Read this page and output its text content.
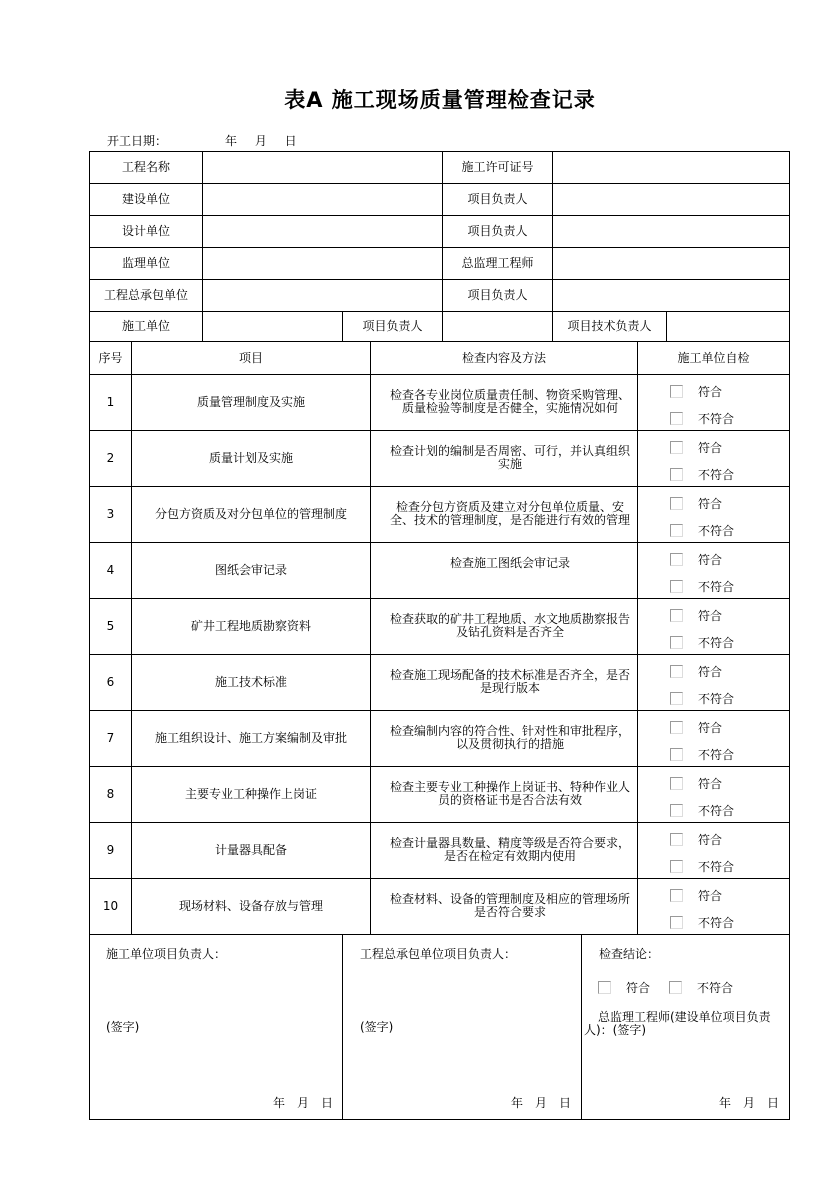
表A 施工现场质量管理检查记录
开工日期：	年 月 日
工程名称	施工许可证号
建设单位	项目负责人
设计单位	项目负责人
监理单位	总监理工程师
工程总承包单位	项目负责人
施工单位	项目负责人	项目技术负责人
序号	项目	检查内容及方法	施工单位自检
1	质量管理制度及实施	检查各专业岗位质量责任制、物资采购管理、质量检验等制度是否健全，实施情况如何
符合
不符合
2	质量计划及实施	检查计划的编制是否周密、可行，并认真组织实施
符合
不符合
3	分包方资质及对分包单位的管理制度	检查分包方资质及建立对分包单位质量、安全、技术的管理制度，是否能进行有效的管理
符合
不符合
4	图纸会审记录	检查施工图纸会审记录	符合
不符合
5	矿井工程地质勘察资料	检查获取的矿井工程地质、水文地质勘察报告及钻孔资料是否齐全
符合
不符合
6	施工技术标准	检查施工现场配备的技术标准是否齐全，是否是现行版本
符合
不符合
7	施工组织设计、施工方案编制及审批	检查编制内容的符合性、针对性和审批程序，以及贯彻执行的措施
符合
不符合
8	主要专业工种操作上岗证	检查主要专业工种操作上岗证书、特种作业人员的资格证书是否合法有效
符合
不符合
9	计量器具配备	检查计量器具数量、精度等级是否符合要求，是否在检定有效期内使用
符合
不符合
10	现场材料、设备存放与管理	检查材料、设备的管理制度及相应的管理场所是否符合要求
符合
不符合
施工单位项目负责人：
(签字)
年　月　日
工程总承包单位项目负责人：
(签字)
年　月　日
检查结论：
符合	不符合
总监理工程师(建设单位项目负责人)：(签字)
年　月　日
